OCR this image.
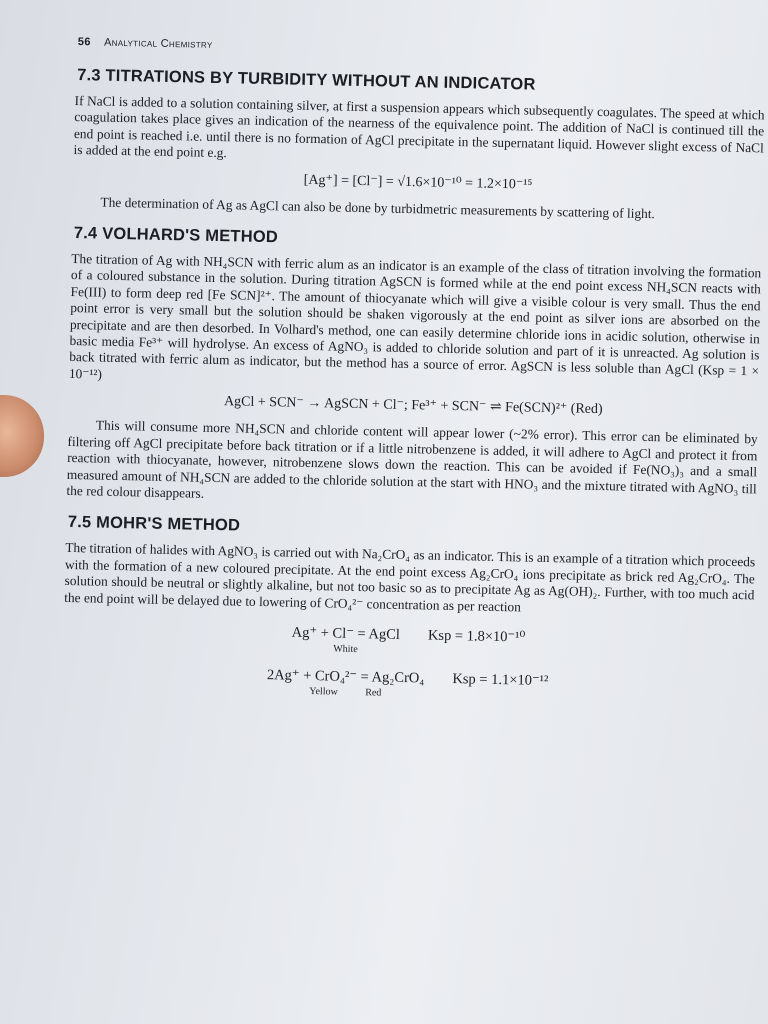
56 Analytical Chemistry
7.3 TITRATIONS BY TURBIDITY WITHOUT AN INDICATOR

If NaCl is added to a solution containing silver, at first a suspension appears which subsequently coagulates. The speed at which coagulation takes place gives an indication of the nearness of the equivalence point. The addition of NaCl is continued till the end point is reached i.e. until there is no formation of AgCl precipitate in the supernatant liquid. However slight excess of NaCl is added at the end point e.g.

[Ag⁺] = [Cl⁻] = √1.6×10⁻¹⁰ = 1.2×10⁻¹⁵

The determination of Ag as AgCl can also be done by turbidmetric measurements by scattering of light.

7.4 VOLHARD'S METHOD

The titration of Ag with NH₄SCN with ferric alum as an indicator is an example of the class of titration involving the formation of a coloured substance in the solution. During titration AgSCN is formed while at the end point excess NH₄SCN reacts with Fe(III) to form deep red [Fe SCN]²⁺. The amount of thiocyanate which will give a visible colour is very small. Thus the end point error is very small but the solution should be shaken vigorously at the end point as silver ions are absorbed on the precipitate and are then desorbed. In Volhard's method, one can easily determine chloride ions in acidic solution, otherwise in basic media Fe³⁺ will hydrolyse. An excess of AgNO₃ is added to chloride solution and part of it is unreacted. Ag solution is back titrated with ferric alum as indicator, but the method has a source of error. AgSCN is less soluble than AgCl (Ksp = 1 × 10⁻¹²)

AgCl + SCN⁻ → AgSCN + Cl⁻; Fe³⁺ + SCN⁻ ⇌ Fe(SCN)²⁺ (Red)

This will consume more NH₄SCN and chloride content will appear lower (~2% error). This error can be eliminated by filtering off AgCl precipitate before back titration or if a little nitrobenzene is added, it will adhere to AgCl and protect it from reaction with thiocyanate, however, nitrobenzene slows down the reaction. This can be avoided if Fe(NO₃)₃ and a small measured amount of NH₄SCN are added to the chloride solution at the start with HNO₃ and the mixture titrated with AgNO₃ till the red colour disappears.

7.5 MOHR'S METHOD

The titration of halides with AgNO₃ is carried out with Na₂CrO₄ as an indicator. This is an example of a titration which proceeds with the formation of a new coloured precipitate. At the end point excess Ag₂CrO₄ ions precipitate as brick red Ag₂CrO₄. The solution should be neutral or slightly alkaline, but not too basic so as to precipitate Ag as Ag(OH)₂. Further, with too much acid the end point will be delayed due to lowering of CrO₄²⁻ concentration as per reaction

Ag⁺ + Cl⁻ = AgCl
White
Ksp = 1.8×10⁻¹⁰
2Ag⁺ + CrO₄²⁻ = Ag₂CrO₄
Yellow	Red
Ksp = 1.1×10⁻¹²
